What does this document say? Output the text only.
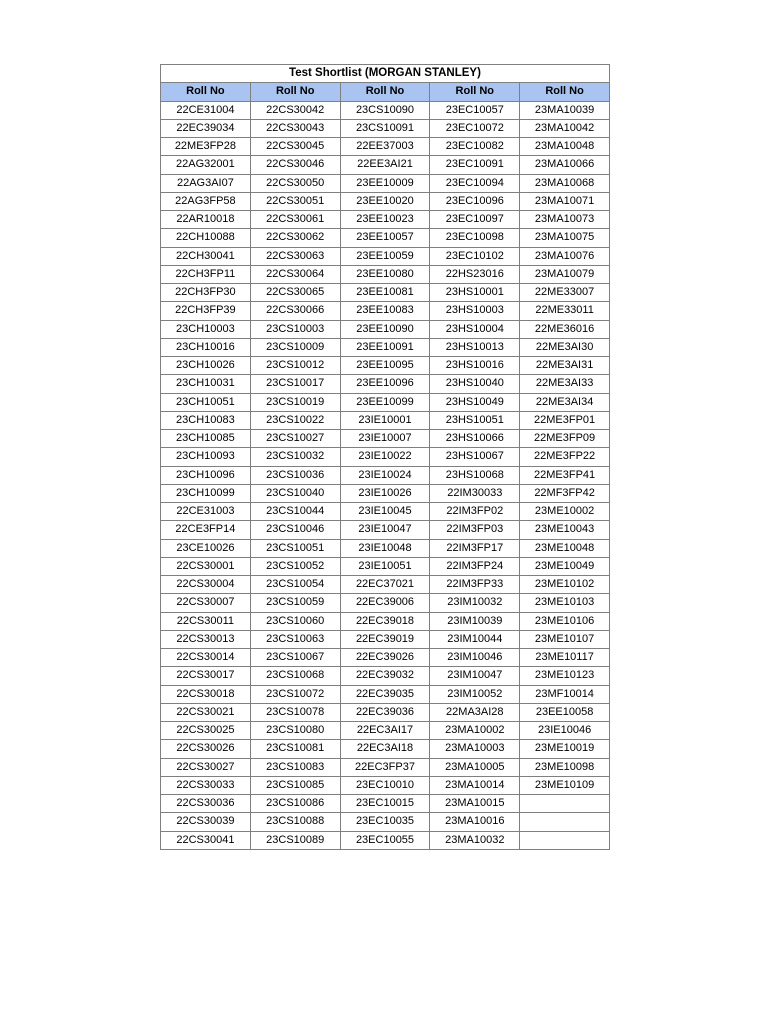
Test Shortlist (MORGAN STANLEY)				
Roll No	Roll No	Roll No	Roll No	Roll No
22CE31004	22CS30042	23CS10090	23EC10057	23MA10039
22EC39034	22CS30043	23CS10091	23EC10072	23MA10042
22ME3FP28	22CS30045	22EE37003	23EC10082	23MA10048
22AG32001	22CS30046	22EE3AI21	23EC10091	23MA10066
22AG3AI07	22CS30050	23EE10009	23EC10094	23MA10068
22AG3FP58	22CS30051	23EE10020	23EC10096	23MA10071
22AR10018	22CS30061	23EE10023	23EC10097	23MA10073
22CH10088	22CS30062	23EE10057	23EC10098	23MA10075
22CH30041	22CS30063	23EE10059	23EC10102	23MA10076
22CH3FP11	22CS30064	23EE10080	22HS23016	23MA10079
22CH3FP30	22CS30065	23EE10081	23HS10001	22ME33007
22CH3FP39	22CS30066	23EE10083	23HS10003	22ME33011
23CH10003	23CS10003	23EE10090	23HS10004	22ME36016
23CH10016	23CS10009	23EE10091	23HS10013	22ME3AI30
23CH10026	23CS10012	23EE10095	23HS10016	22ME3AI31
23CH10031	23CS10017	23EE10096	23HS10040	22ME3AI33
23CH10051	23CS10019	23EE10099	23HS10049	22ME3AI34
23CH10083	23CS10022	23IE10001	23HS10051	22ME3FP01
23CH10085	23CS10027	23IE10007	23HS10066	22ME3FP09
23CH10093	23CS10032	23IE10022	23HS10067	22ME3FP22
23CH10096	23CS10036	23IE10024	23HS10068	22ME3FP41
23CH10099	23CS10040	23IE10026	22IM30033	22MF3FP42
22CE31003	23CS10044	23IE10045	22IM3FP02	23ME10002
22CE3FP14	23CS10046	23IE10047	22IM3FP03	23ME10043
23CE10026	23CS10051	23IE10048	22IM3FP17	23ME10048
22CS30001	23CS10052	23IE10051	22IM3FP24	23ME10049
22CS30004	23CS10054	22EC37021	22IM3FP33	23ME10102
22CS30007	23CS10059	22EC39006	23IM10032	23ME10103
22CS30011	23CS10060	22EC39018	23IM10039	23ME10106
22CS30013	23CS10063	22EC39019	23IM10044	23ME10107
22CS30014	23CS10067	22EC39026	23IM10046	23ME10117
22CS30017	23CS10068	22EC39032	23IM10047	23ME10123
22CS30018	23CS10072	22EC39035	23IM10052	23MF10014
22CS30021	23CS10078	22EC39036	22MA3AI28	23EE10058
22CS30025	23CS10080	22EC3AI17	23MA10002	23IE10046
22CS30026	23CS10081	22EC3AI18	23MA10003	23ME10019
22CS30027	23CS10083	22EC3FP37	23MA10005	23ME10098
22CS30033	23CS10085	23EC10010	23MA10014	23ME10109
22CS30036	23CS10086	23EC10015	23MA10015	
22CS30039	23CS10088	23EC10035	23MA10016	
22CS30041	23CS10089	23EC10055	23MA10032	
